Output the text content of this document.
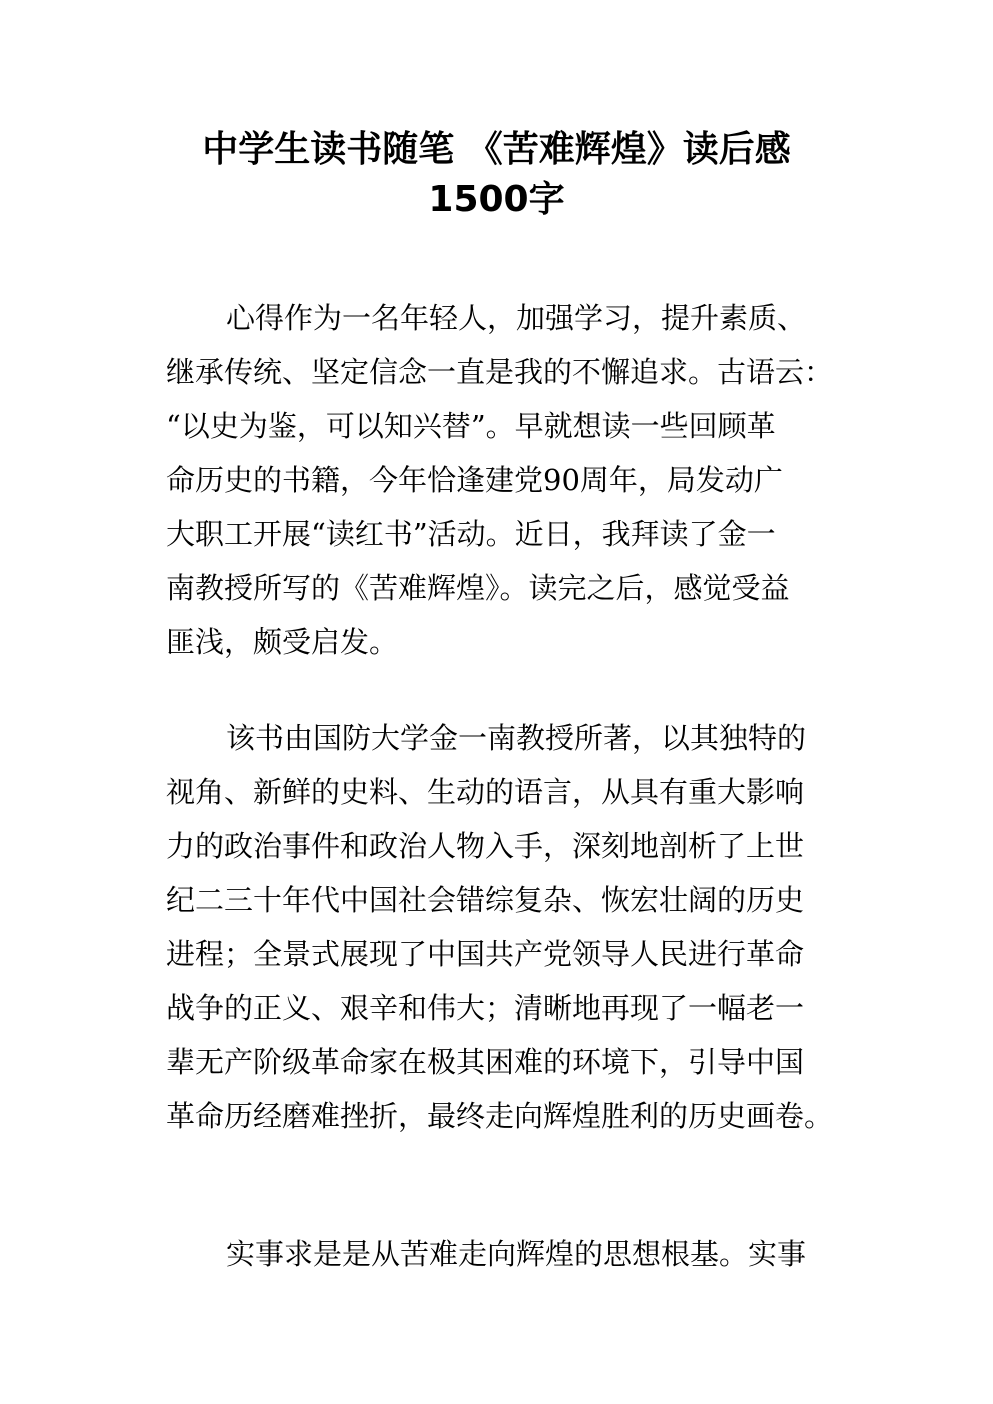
中学生读书随笔 《苦难辉煌》读后感
1500字
心得作为一名年轻人，加强学习，提升素质、
继承传统、坚定信念一直是我的不懈追求。古语云：
“以史为鉴，可以知兴替”。早就想读一些回顾革
命历史的书籍，今年恰逢建党90周年，局发动广
大职工开展“读红书”活动。近日，我拜读了金一
南教授所写的《苦难辉煌》。读完之后，感觉受益
匪浅，颇受启发。
该书由国防大学金一南教授所著，以其独特的
视角、新鲜的史料、生动的语言，从具有重大影响
力的政治事件和政治人物入手，深刻地剖析了上世
纪二三十年代中国社会错综复杂、恢宏壮阔的历史
进程；全景式展现了中国共产党领导人民进行革命
战争的正义、艰辛和伟大；清晰地再现了一幅老一
辈无产阶级革命家在极其困难的环境下，引导中国
革命历经磨难挫折，最终走向辉煌胜利的历史画卷。
实事求是是从苦难走向辉煌的思想根基。实事
